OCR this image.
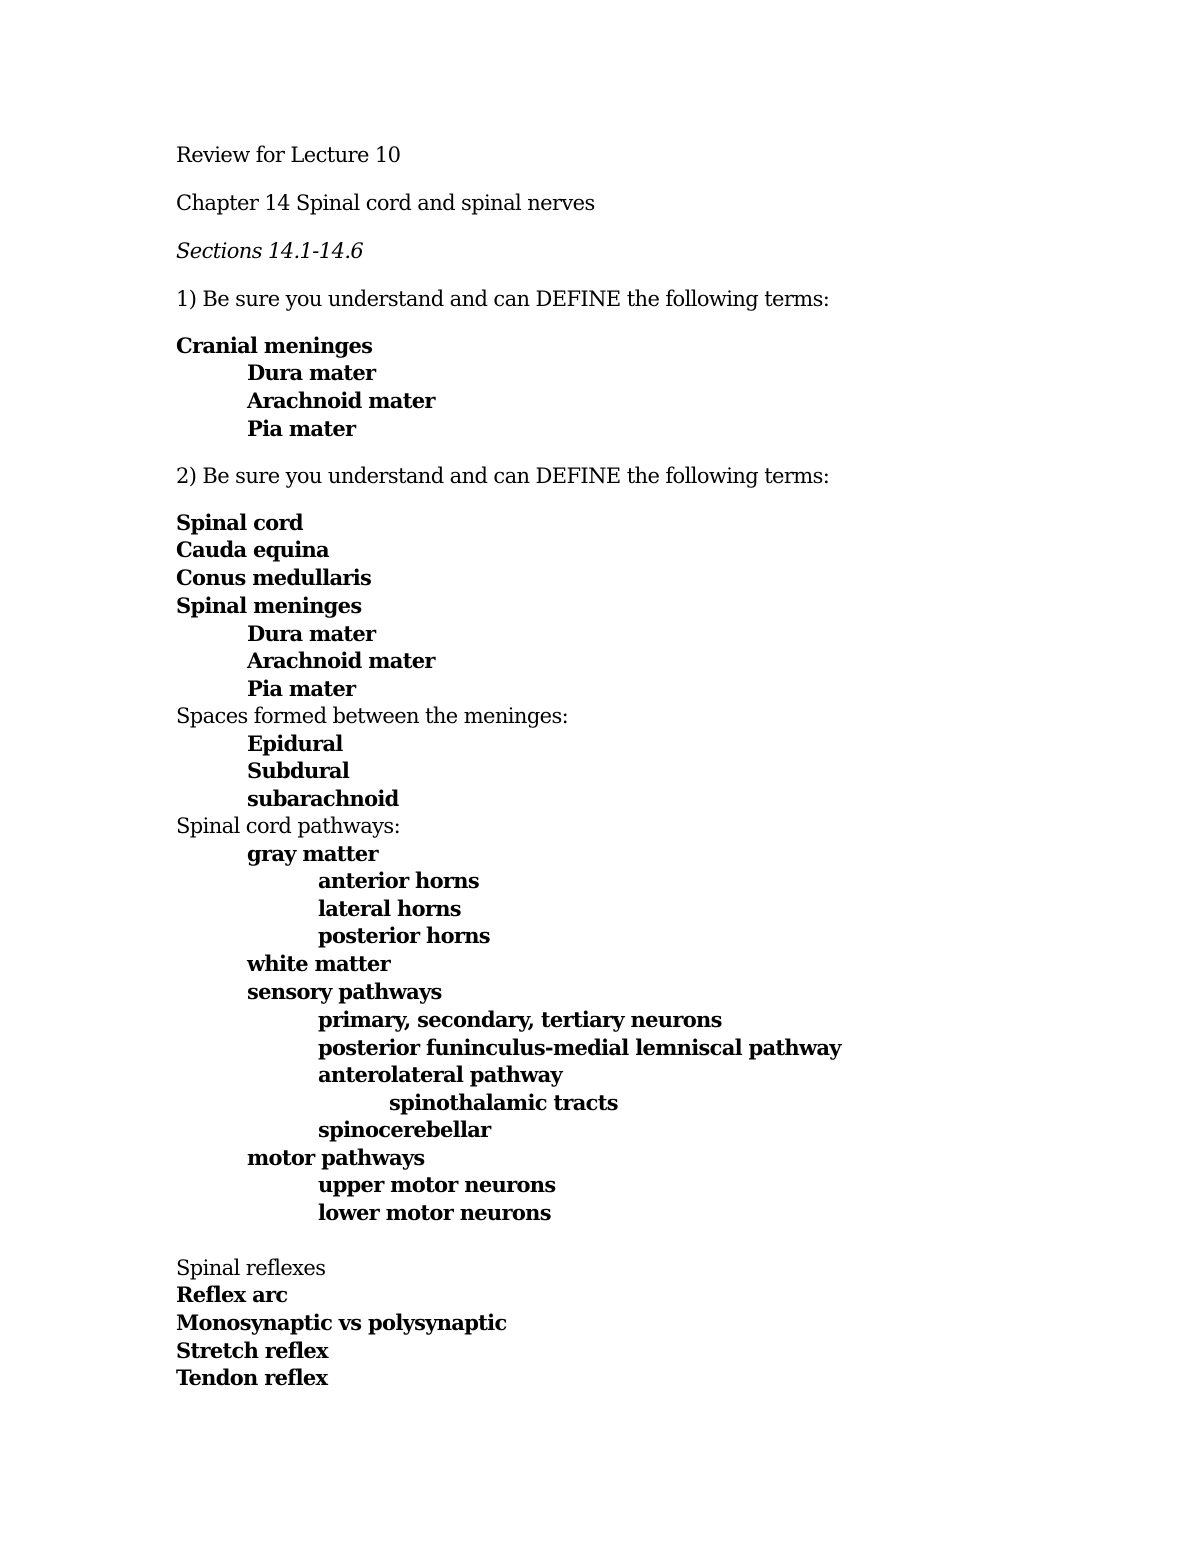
Review for Lecture 10
Chapter 14 Spinal cord and spinal nerves
Sections 14.1-14.6
1) Be sure you understand and can DEFINE the following terms:
Cranial meninges
Dura mater
Arachnoid mater
Pia mater
2) Be sure you understand and can DEFINE the following terms:
Spinal cord
Cauda equina
Conus medullaris
Spinal meninges
Dura mater
Arachnoid mater
Pia mater
Spaces formed between the meninges:
Epidural
Subdural
subarachnoid
Spinal cord pathways:
gray matter
anterior horns
lateral horns
posterior horns
white matter
sensory pathways
primary, secondary, tertiary neurons
posterior funinculus-medial lemniscal pathway
anterolateral pathway
spinothalamic tracts
spinocerebellar
motor pathways
upper motor neurons
lower motor neurons
Spinal reflexes
Reflex arc
Monosynaptic vs polysynaptic
Stretch reflex
Tendon reflex
